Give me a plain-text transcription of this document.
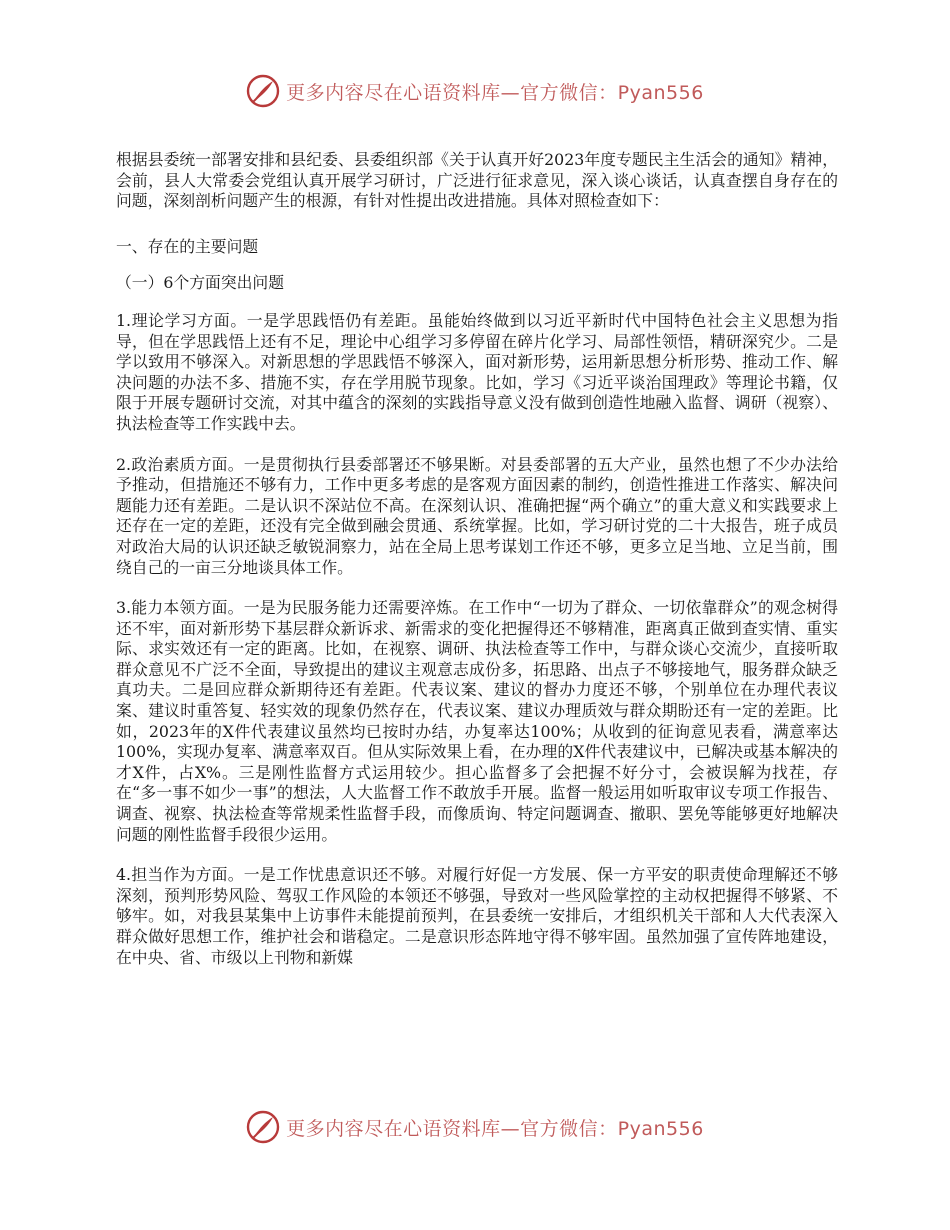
更多内容尽在心语资料库—官方微信：Pyan556

根据县委统一部署安排和县纪委、县委组织部《关于认真开好2023年度专题民主生活会的通知》精神，会前，县人大常委会党组认真开展学习研讨，广泛进行征求意见，深入谈心谈话，认真查摆自身存在的问题，深刻剖析问题产生的根源，有针对性提出改进措施。具体对照检查如下：

一、存在的主要问题

（一）6个方面突出问题

1.理论学习方面。一是学思践悟仍有差距。虽能始终做到以习近平新时代中国特色社会主义思想为指导，但在学思践悟上还有不足，理论中心组学习多停留在碎片化学习、局部性领悟，精研深究少。二是学以致用不够深入。对新思想的学思践悟不够深入，面对新形势，运用新思想分析形势、推动工作、解决问题的办法不多、措施不实，存在学用脱节现象。比如，学习《习近平谈治国理政》等理论书籍，仅限于开展专题研讨交流，对其中蕴含的深刻的实践指导意义没有做到创造性地融入监督、调研（视察）、执法检查等工作实践中去。

2.政治素质方面。一是贯彻执行县委部署还不够果断。对县委部署的五大产业，虽然也想了不少办法给予推动，但措施还不够有力，工作中更多考虑的是客观方面因素的制约，创造性推进工作落实、解决问题能力还有差距。二是认识不深站位不高。在深刻认识、准确把握“两个确立”的重大意义和实践要求上还存在一定的差距，还没有完全做到融会贯通、系统掌握。比如，学习研讨党的二十大报告，班子成员对政治大局的认识还缺乏敏锐洞察力，站在全局上思考谋划工作还不够，更多立足当地、立足当前，围绕自己的一亩三分地谈具体工作。

3.能力本领方面。一是为民服务能力还需要淬炼。在工作中“一切为了群众、一切依靠群众”的观念树得还不牢，面对新形势下基层群众新诉求、新需求的变化把握得还不够精准，距离真正做到查实情、重实际、求实效还有一定的距离。比如，在视察、调研、执法检查等工作中，与群众谈心交流少，直接听取群众意见不广泛不全面，导致提出的建议主观意志成份多，拓思路、出点子不够接地气，服务群众缺乏真功夫。二是回应群众新期待还有差距。代表议案、建议的督办力度还不够，个别单位在办理代表议案、建议时重答复、轻实效的现象仍然存在，代表议案、建议办理质效与群众期盼还有一定的差距。比如，2023年的X件代表建议虽然均已按时办结，办复率达100%；从收到的征询意见表看，满意率达100%，实现办复率、满意率双百。但从实际效果上看，在办理的X件代表建议中，已解决或基本解决的才X件，占X%。三是刚性监督方式运用较少。担心监督多了会把握不好分寸，会被误解为找茬，存在“多一事不如少一事”的想法，人大监督工作不敢放手开展。监督一般运用如听取审议专项工作报告、调查、视察、执法检查等常规柔性监督手段，而像质询、特定问题调查、撤职、罢免等能够更好地解决问题的刚性监督手段很少运用。

4.担当作为方面。一是工作忧患意识还不够。对履行好促一方发展、保一方平安的职责使命理解还不够深刻，预判形势风险、驾驭工作风险的本领还不够强，导致对一些风险掌控的主动权把握得不够紧、不够牢。如，对我县某集中上访事件未能提前预判，在县委统一安排后，才组织机关干部和人大代表深入群众做好思想工作，维护社会和谐稳定。二是意识形态阵地守得不够牢固。虽然加强了宣传阵地建设，在中央、省、市级以上刊物和新媒

更多内容尽在心语资料库—官方微信：Pyan556
